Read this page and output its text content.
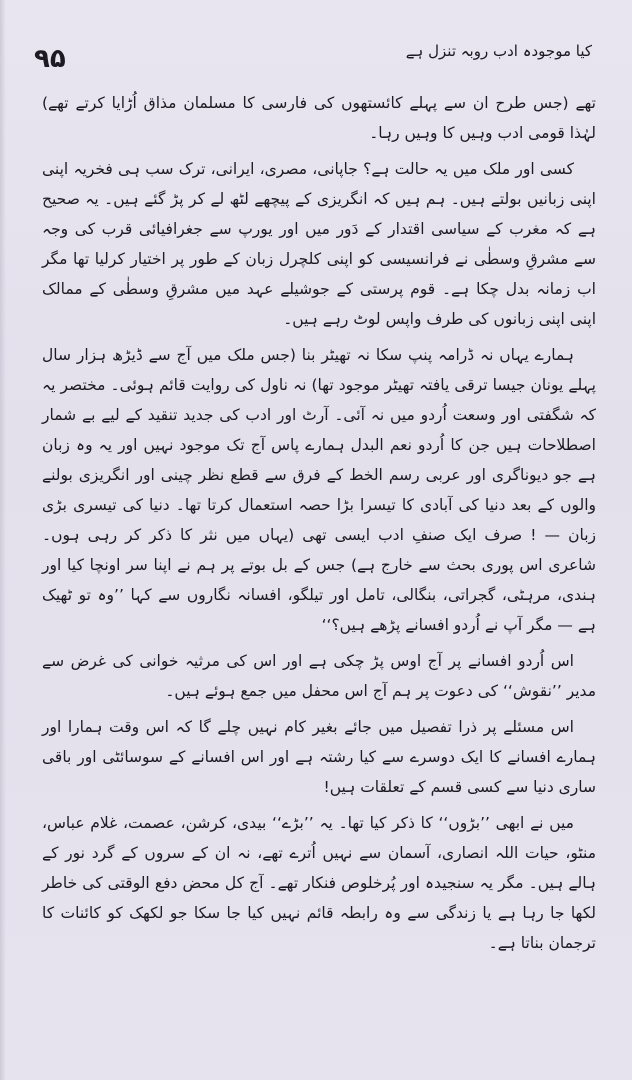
۹۵	کیا موجودہ ادب روبہ تنزل ہے

تھے (جس طرح ان سے پہلے کائستھوں کی فارسی کا مسلمان مذاق اُڑایا کرتے تھے) لہٰذا قومی ادب وہیں کا وہیں رہا۔

کسی اور ملک میں یہ حالت ہے؟ جاپانی، مصری، ایرانی، ترک سب ہی فخریہ اپنی اپنی زبانیں بولتے ہیں۔ ہم ہیں کہ انگریزی کے پیچھے لٹھ لے کر پڑ گئے ہیں۔ یہ صحیح ہے کہ مغرب کے سیاسی اقتدار کے دَور میں اور یورپ سے جغرافیائی قرب کی وجہ سے مشرقِ وسطٰی نے فرانسیسی کو اپنی کلچرل زبان کے طور پر اختیار کرلیا تھا مگر اب زمانہ بدل چکا ہے۔ قوم پرستی کے جوشیلے عہد میں مشرقِ وسطٰی کے ممالک اپنی اپنی زبانوں کی طرف واپس لوٹ رہے ہیں۔

ہمارے یہاں نہ ڈرامہ پنپ سکا نہ تھیٹر بنا (جس ملک میں آج سے ڈیڑھ ہزار سال پہلے یونان جیسا ترقی یافتہ تھیٹر موجود تھا) نہ ناول کی روایت قائم ہوئی۔ مختصر یہ کہ شگفتی اور وسعت اُردو میں نہ آئی۔ آرٹ اور ادب کی جدید تنقید کے لیے بے شمار اصطلاحات ہیں جن کا اُردو نعم البدل ہمارے پاس آج تک موجود نہیں اور یہ وہ زبان ہے جو دیوناگری اور عربی رسم الخط کے فرق سے قطع نظر چینی اور انگریزی بولنے والوں کے بعد دنیا کی آبادی کا تیسرا بڑا حصہ استعمال کرتا تھا۔ دنیا کی تیسری بڑی زبان — ! صرف ایک صنفِ ادب ایسی تھی (یہاں میں نثر کا ذکر کر رہی ہوں۔ شاعری اس پوری بحث سے خارج ہے) جس کے بل بوتے پر ہم نے اپنا سر اونچا کیا اور ہندی، مرہٹی، گجراتی، بنگالی، تامل اور تیلگو، افسانہ نگاروں سے کہا ’’وہ تو ٹھیک ہے — مگر آپ نے اُردو افسانے پڑھے ہیں؟‘‘

اس اُردو افسانے پر آج اوس پڑ چکی ہے اور اس کی مرثیہ خوانی کی غرض سے مدیر ’’نقوش‘‘ کی دعوت پر ہم آج اس محفل میں جمع ہوئے ہیں۔

اس مسئلے پر ذرا تفصیل میں جائے بغیر کام نہیں چلے گا کہ اس وقت ہمارا اور ہمارے افسانے کا ایک دوسرے سے کیا رشتہ ہے اور اس افسانے کے سوسائٹی اور باقی ساری دنیا سے کسی قسم کے تعلقات ہیں!

میں نے ابھی ’’بڑوں‘‘ کا ذکر کیا تھا۔ یہ ’’بڑے‘‘ بیدی، کرشن، عصمت، غلام عباس، منٹو، حیات اللہ انصاری، آسمان سے نہیں اُترے تھے، نہ ان کے سروں کے گرد نور کے ہالے ہیں۔ مگر یہ سنجیدہ اور پُرخلوص فنکار تھے۔ آج کل محض دفع الوقتی کی خاطر لکھا جا رہا ہے یا زندگی سے وہ رابطہ قائم نہیں کیا جا سکا جو لکھک کو کائنات کا ترجمان بناتا ہے۔
